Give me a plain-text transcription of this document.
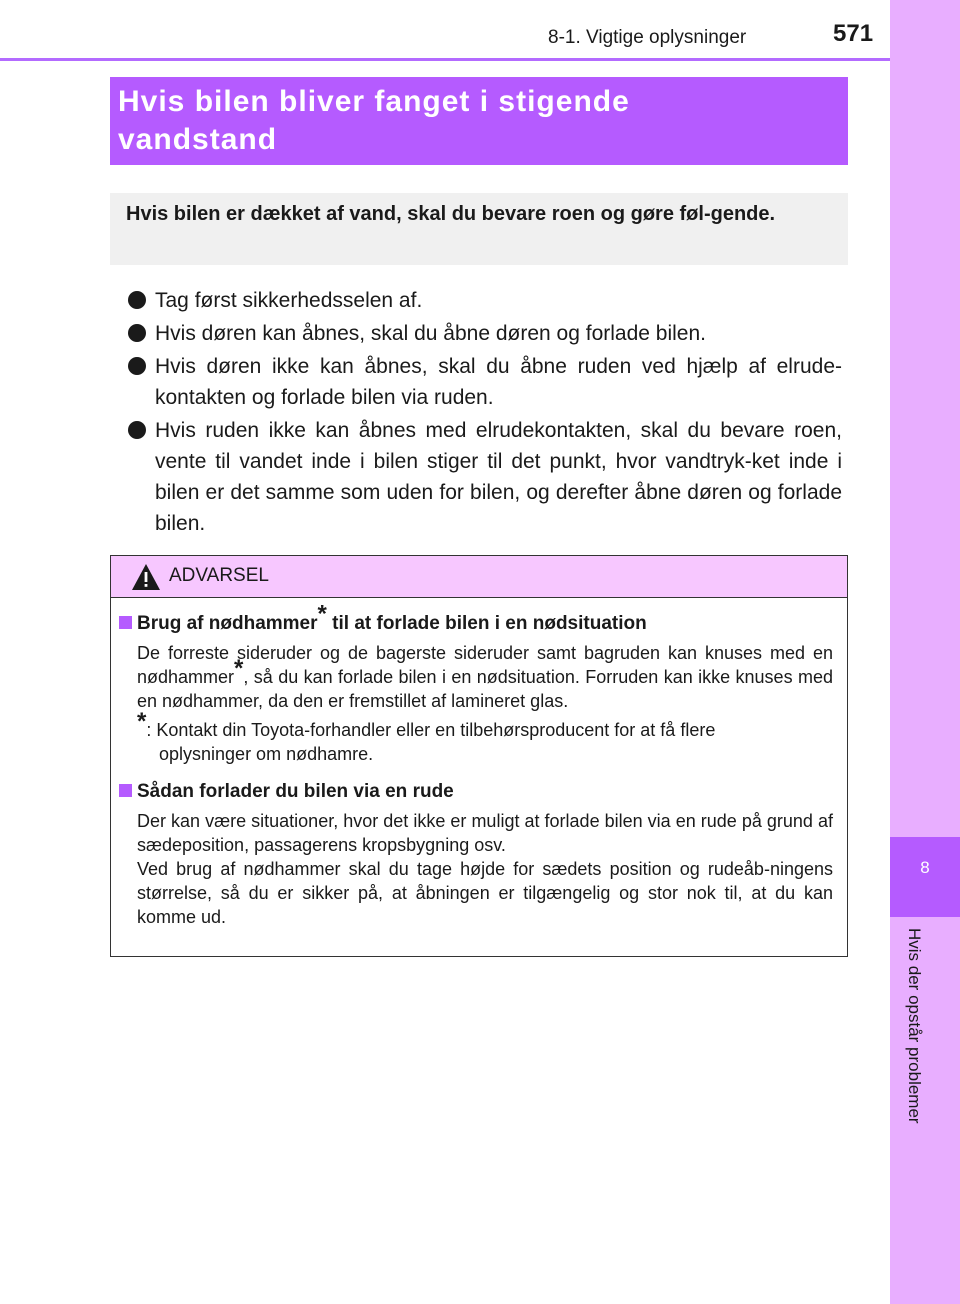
8
Hvis der opstår problemer
8-1. Vigtige oplysninger	571
Hvis bilen bliver fanget i stigende
vandstand
Hvis bilen er dækket af vand, skal du bevare roen og gøre føl-gende.
Tag først sikkerhedsselen af.
Hvis døren kan åbnes, skal du åbne døren og forlade bilen.
Hvis døren ikke kan åbnes, skal du åbne ruden ved hjælp af elrude-kontakten og forlade bilen via ruden.
Hvis ruden ikke kan åbnes med elrudekontakten, skal du bevare roen, vente til vandet inde i bilen stiger til det punkt, hvor vandtryk-ket inde i bilen er det samme som uden for bilen, og derefter åbne døren og forlade bilen.
ADVARSEL
Brug af nødhammer* til at forlade bilen i en nødsituation
De forreste sideruder og de bagerste sideruder samt bagruden kan knuses med en nødhammer*, så du kan forlade bilen i en nødsituation. Forruden kan ikke knuses med en nødhammer, da den er fremstillet af lamineret glas.
*: Kontakt din Toyota-forhandler eller en tilbehørsproducent for at få flere
oplysninger om nødhamre.
Sådan forlader du bilen via en rude
Der kan være situationer, hvor det ikke er muligt at forlade bilen via en rude på grund af sædeposition, passagerens kropsbygning osv.
Ved brug af nødhammer skal du tage højde for sædets position og rudeåb-ningens størrelse, så du er sikker på, at åbningen er tilgængelig og stor nok til, at du kan komme ud.
